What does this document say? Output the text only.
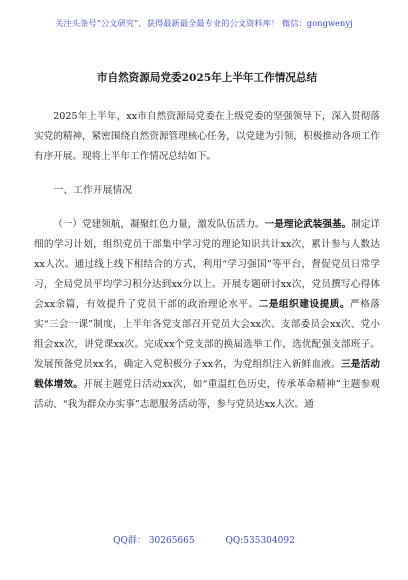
关注头条号“公文研究”，获得最新最全最专业的公文资料库！ 微信：gongwenyj
市自然资源局党委2025年上半年工作情况总结

2025年上半年，xx市自然资源局党委在上级党委的坚强领导下，深入贯彻落实党的精神，紧密围绕自然资源管理核心任务，以党建为引领，积极推动各项工作有序开展。现将上半年工作情况总结如下。

一、工作开展情况

（一）党建领航，凝聚红色力量，激发队伍活力。一是理论武装强基。制定详细的学习计划，组织党员干部集中学习党的理论知识共计xx次，累计参与人数达xx人次。通过线上线下相结合的方式，利用“学习强国”等平台，督促党员日常学习，全局党员平均学习积分达到xx分以上。开展专题研讨xx次，党员撰写心得体会xx余篇，有效提升了党员干部的政治理论水平。二是组织建设提质。严格落实“三会一课”制度，上半年各党支部召开党员大会xx次、支部委员会xx次、党小组会xx次，讲党课xx次。完成xx个党支部的换届选举工作，选优配强支部班子。发展预备党员xx名，确定入党积极分子xx名，为党组织注入新鲜血液。三是活动载体增效。开展主题党日活动xx次，如“重温红色历史，传承革命精神”主题参观活动、“我为群众办实事”志愿服务活动等，参与党员达xx人次。通

QQ群： 30265665	QQ:535304092
